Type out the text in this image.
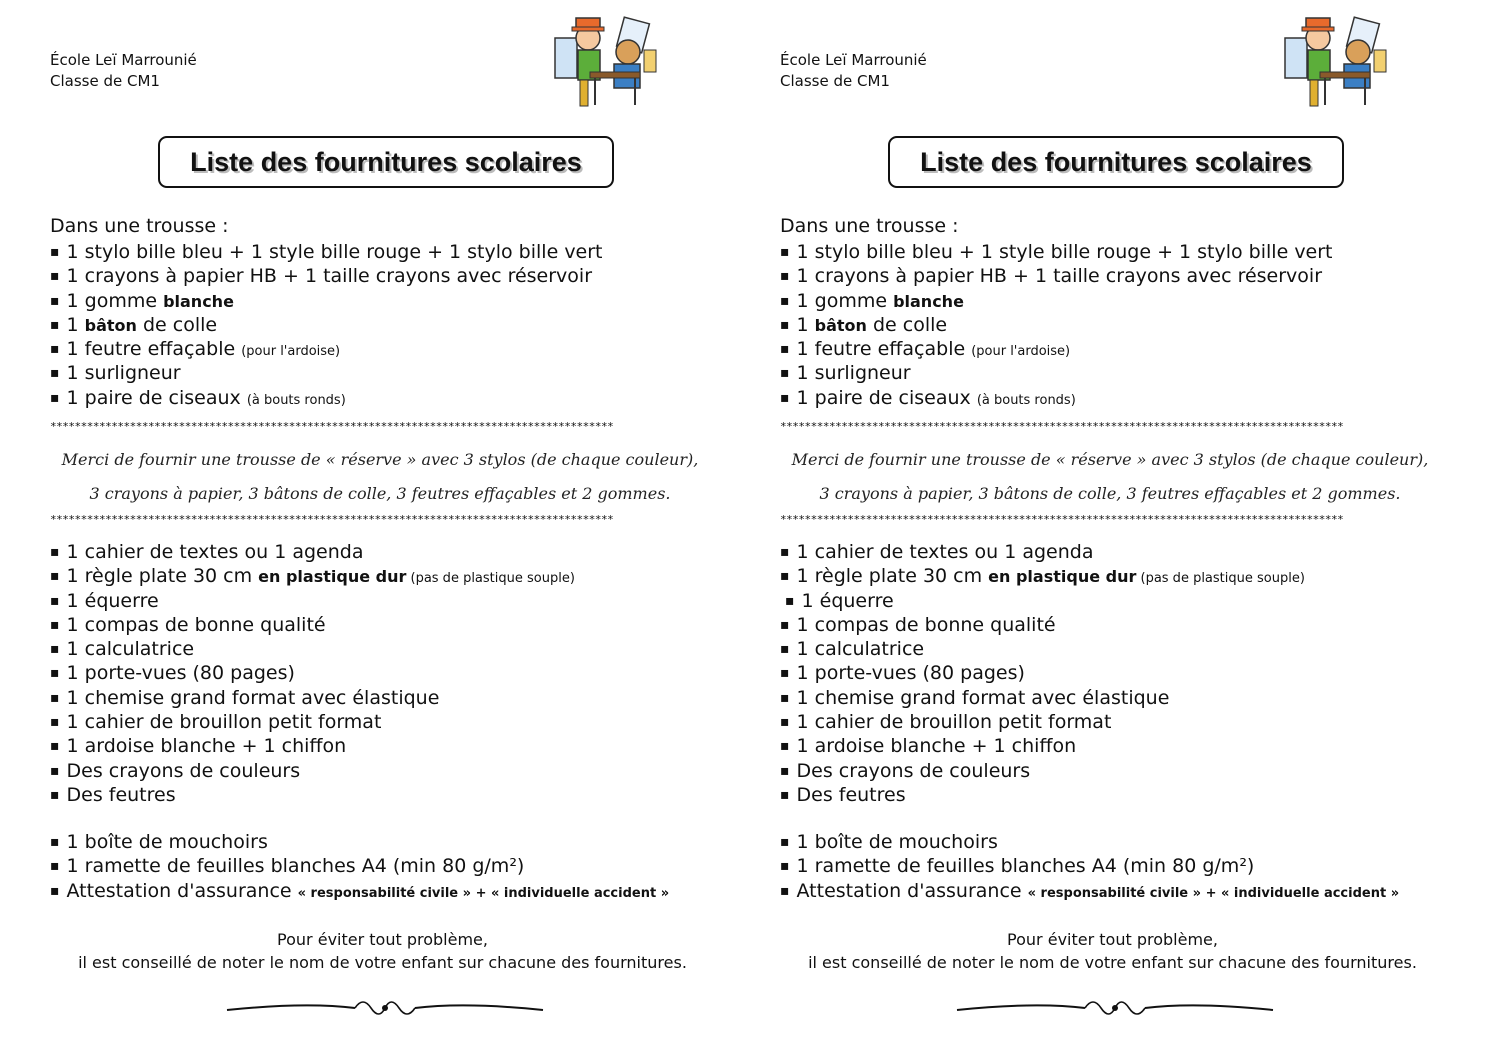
École Leï Marrounié
Classe de CM1
Liste des fournitures scolaires
Dans une trousse :
▪ 1 stylo bille bleu + 1 style bille rouge + 1 stylo bille vert
▪ 1 crayons à papier HB + 1 taille crayons avec réservoir
▪ 1 gomme blanche
▪ 1 bâton de colle
▪ 1 feutre effaçable (pour l'ardoise)
▪ 1 surligneur
▪ 1 paire de ciseaux (à bouts ronds)
*****
Merci de fournir une trousse de « réserve » avec 3 stylos (de chaque couleur),
3 crayons à papier, 3 bâtons de colle, 3 feutres effaçables et 2 gommes.
*****
▪ 1 cahier de textes ou 1 agenda
▪ 1 règle plate 30 cm en plastique dur (pas de plastique souple)
▪ 1 équerre
▪ 1 compas de bonne qualité
▪ 1 calculatrice
▪ 1 porte-vues (80 pages)
▪ 1 chemise grand format avec élastique
▪ 1 cahier de brouillon petit format
▪ 1 ardoise blanche + 1 chiffon
▪ Des crayons de couleurs
▪ Des feutres
▪ 1 boîte de mouchoirs
▪ 1 ramette de feuilles blanches A4 (min 80 g/m²)
▪ Attestation d'assurance « responsabilité civile » + « individuelle accident »
Pour éviter tout problème,
il est conseillé de noter le nom de votre enfant sur chacune des fournitures.
École Leï Marrounié
Classe de CM1
Liste des fournitures scolaires
Dans une trousse :
▪ 1 stylo bille bleu + 1 style bille rouge + 1 stylo bille vert
▪ 1 crayons à papier HB + 1 taille crayons avec réservoir
▪ 1 gomme blanche
▪ 1 bâton de colle
▪ 1 feutre effaçable (pour l'ardoise)
▪ 1 surligneur
▪ 1 paire de ciseaux (à bouts ronds)
*****
Merci de fournir une trousse de « réserve » avec 3 stylos (de chaque couleur),
3 crayons à papier, 3 bâtons de colle, 3 feutres effaçables et 2 gommes.
*****
▪ 1 cahier de textes ou 1 agenda
▪ 1 règle plate 30 cm en plastique dur (pas de plastique souple)
▪ 1 équerre
▪ 1 compas de bonne qualité
▪ 1 calculatrice
▪ 1 porte-vues (80 pages)
▪ 1 chemise grand format avec élastique
▪ 1 cahier de brouillon petit format
▪ 1 ardoise blanche + 1 chiffon
▪ Des crayons de couleurs
▪ Des feutres
▪ 1 boîte de mouchoirs
▪ 1 ramette de feuilles blanches A4 (min 80 g/m²)
▪ Attestation d'assurance « responsabilité civile » + « individuelle accident »
Pour éviter tout problème,
il est conseillé de noter le nom de votre enfant sur chacune des fournitures.
